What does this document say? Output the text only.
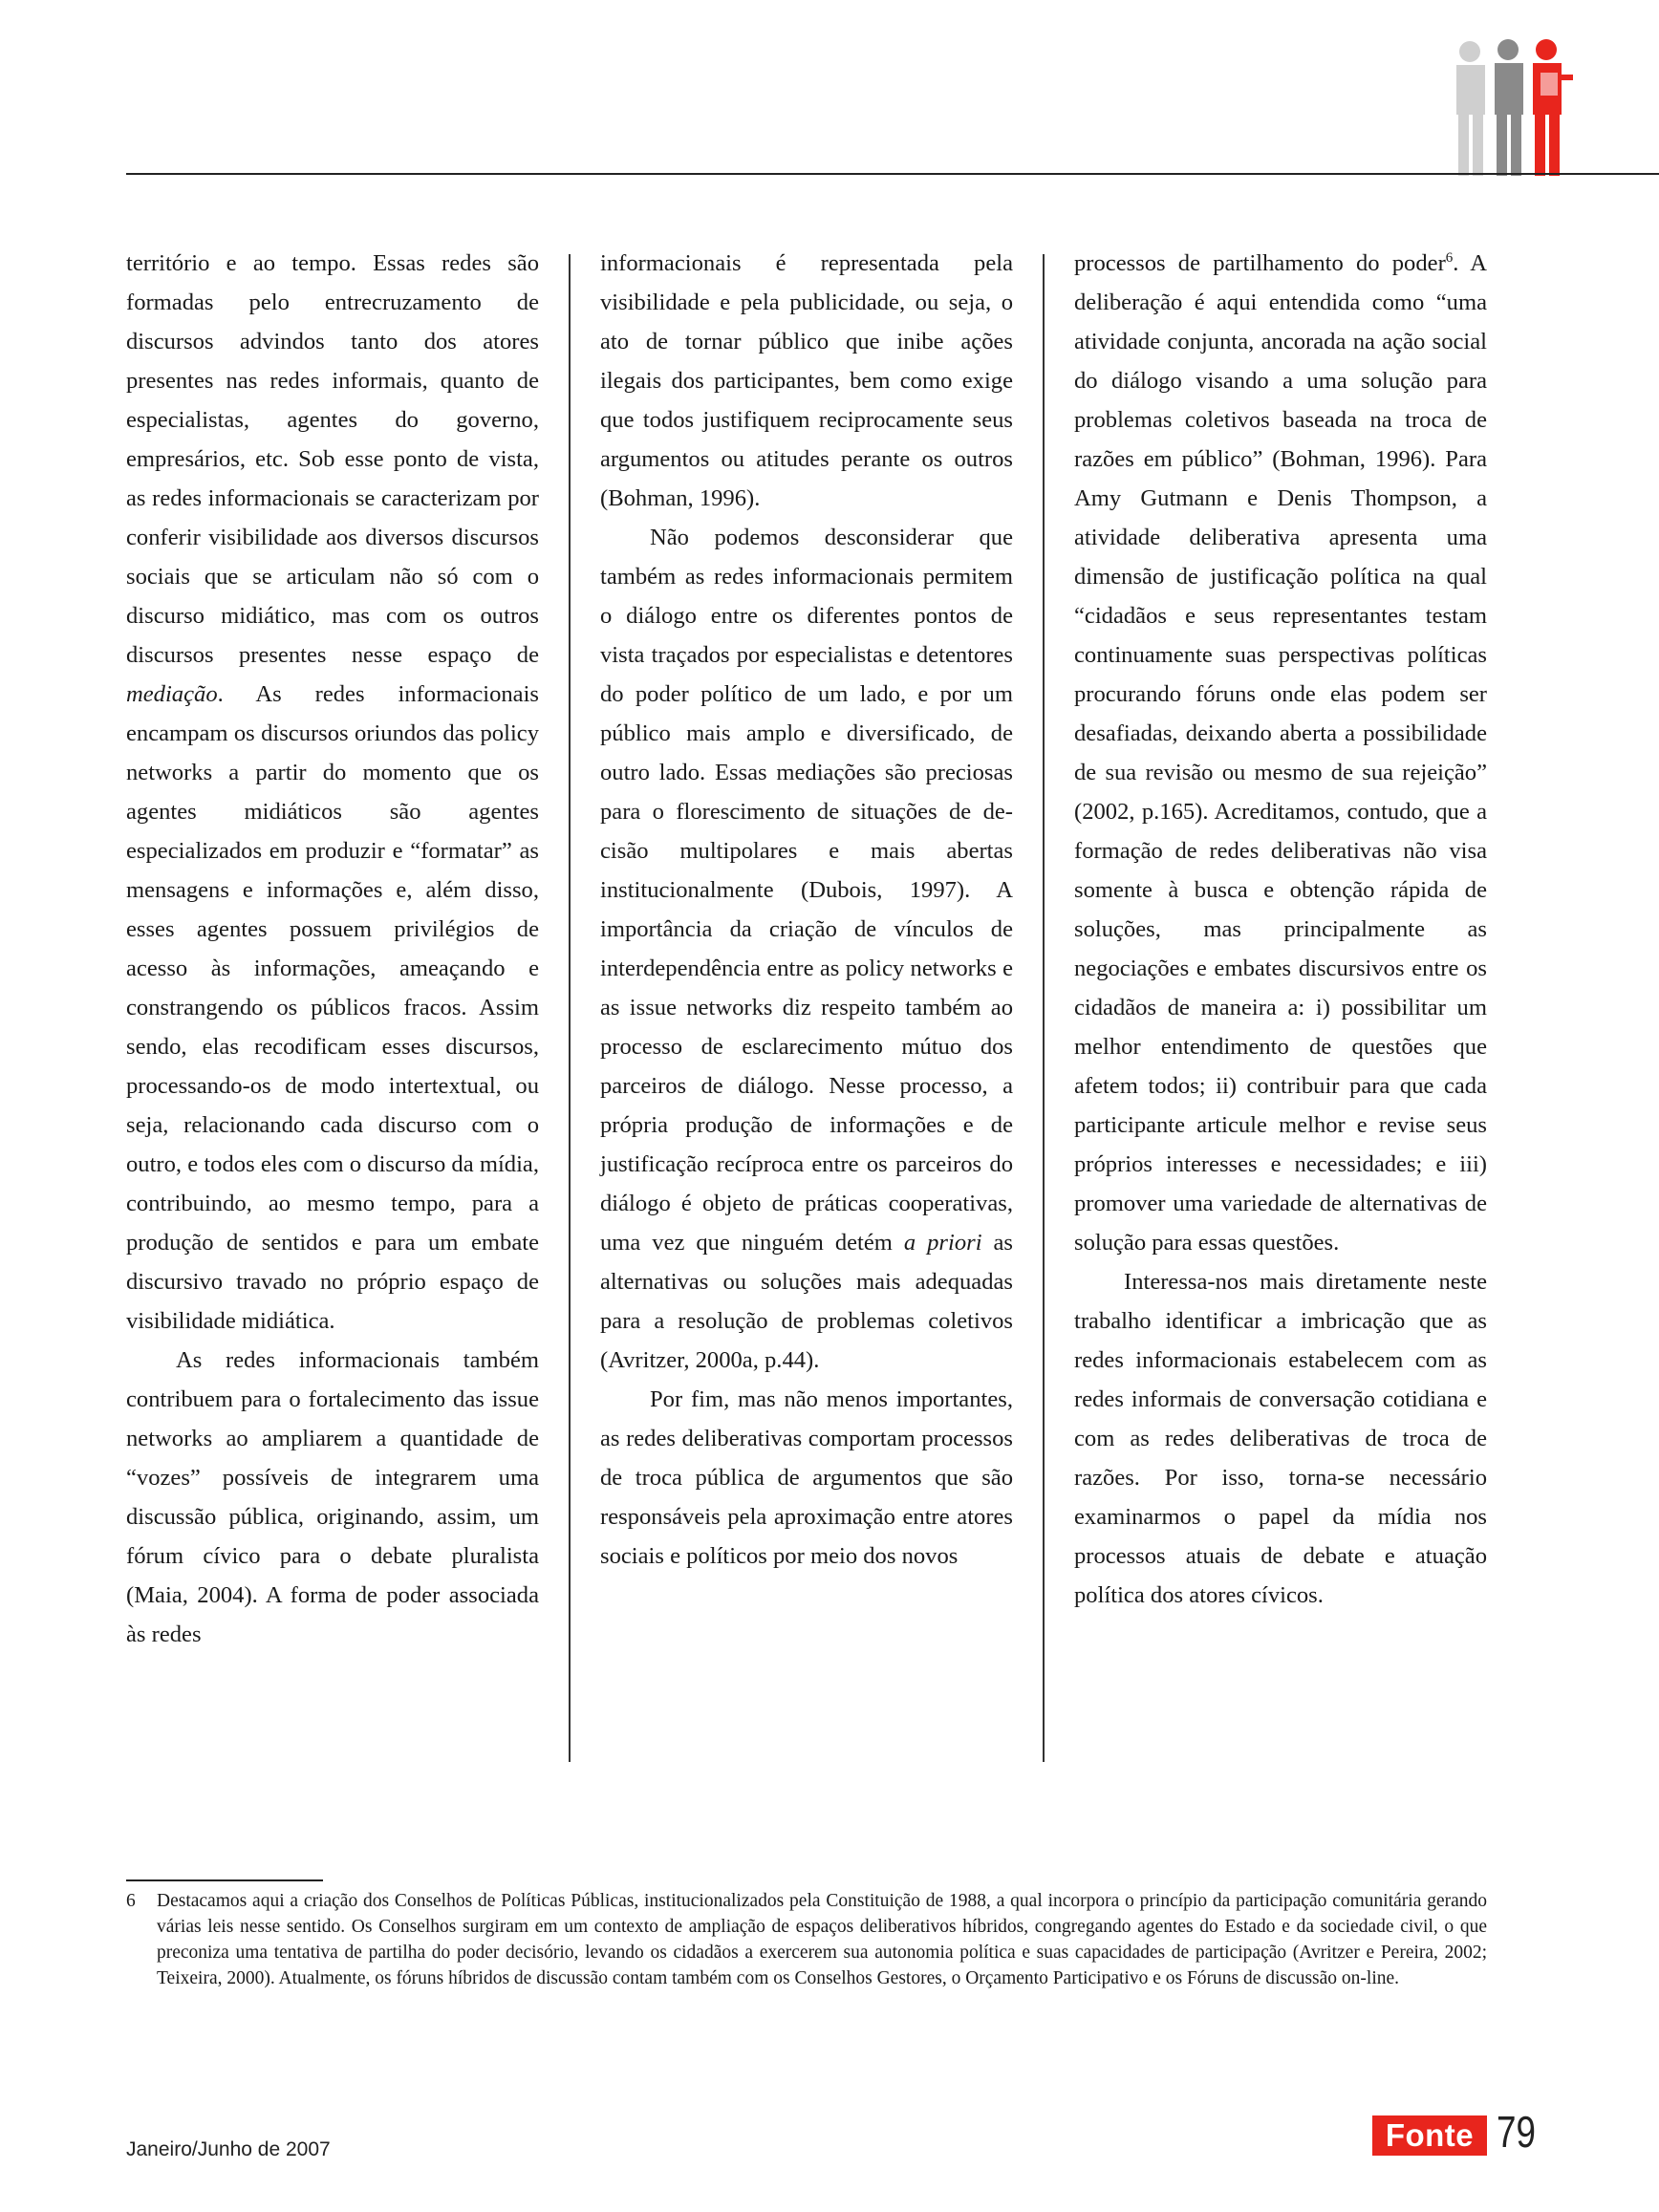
território e ao tempo. Essas redes são formadas pelo entrecruzamento de discursos advindos tanto dos atores presentes nas redes informais, quanto de especialistas, agentes do governo, empresários, etc. Sob esse ponto de vista, as redes informacionais se caracterizam por conferir visibilidade aos diversos discursos sociais que se articulam não só com o discurso midiático, mas com os outros discursos presentes nesse espaço de mediação. As redes informacionais encampam os discursos oriundos das policy networks a partir do momento que os agentes midiáticos são agentes especializados em produzir e “formatar” as mensagens e informações e, além disso, esses agentes possuem privilégios de acesso às informações, ameaçando e constrangendo os públicos fracos. Assim sendo, elas recodificam esses discursos, processando-os de modo intertextual, ou seja, relacionando cada discurso com o outro, e todos eles com o discurso da mídia, contribuindo, ao mesmo tempo, para a produção de sentidos e para um embate discursivo travado no próprio espaço de visibilidade midiática.

As redes informacionais também contribuem para o fortalecimento das issue networks ao ampliarem a quantidade de “vozes” possíveis de integrarem uma discussão pública, originando, assim, um fórum cívico para o debate pluralista (Maia, 2004). A forma de poder associada às redes

informacionais é representada pela visibilidade e pela publicidade, ou seja, o ato de tornar público que inibe ações ilegais dos participantes, bem como exige que todos justifiquem reciprocamente seus argumentos ou atitudes perante os outros (Bohman, 1996).

Não podemos desconsiderar que também as redes informacionais permitem o diálogo entre os diferentes pontos de vista traçados por especialistas e detentores do poder político de um lado, e por um público mais amplo e diversificado, de outro lado. Essas mediações são preciosas para o florescimento de situações de decisão multipolares e mais abertas institucionalmente (Dubois, 1997). A importância da criação de vínculos de interdependência entre as policy networks e as issue networks diz respeito também ao processo de esclarecimento mútuo dos parceiros de diálogo. Nesse processo, a própria produção de informações e de justificação recíproca entre os parceiros do diálogo é objeto de práticas cooperativas, uma vez que ninguém detém a priori as alternativas ou soluções mais adequadas para a resolução de problemas coletivos (Avritzer, 2000a, p.44).

Por fim, mas não menos importantes, as redes deliberativas comportam processos de troca pública de argumentos que são responsáveis pela aproximação entre atores sociais e políticos por meio dos novos

processos de partilhamento do poder$^6$. A deliberação é aqui entendida como “uma atividade conjunta, ancorada na ação social do diálogo visando a uma solução para problemas coletivos baseada na troca de razões em público” (Bohman, 1996). Para Amy Gutmann e Denis Thompson, a atividade deliberativa apresenta uma dimensão de justificação política na qual “cidadãos e seus representantes testam continuamente suas perspectivas políticas procurando fóruns onde elas podem ser desafiadas, deixando aberta a possibilidade de sua revisão ou mesmo de sua rejeição” (2002, p.165). Acreditamos, contudo, que a formação de redes deliberativas não visa somente à busca e obtenção rápida de soluções, mas principalmente as negociações e embates discursivos entre os cidadãos de maneira a: i) possibilitar um melhor entendimento de questões que afetem todos; ii) contribuir para que cada participante articule melhor e revise seus próprios interesses e necessidades; e iii) promover uma variedade de alternativas de solução para essas questões.

Interessa-nos mais diretamente neste trabalho identificar a imbricação que as redes informacionais estabelecem com as redes informais de conversação cotidiana e com as redes deliberativas de troca de razões. Por isso, torna-se necessário examinarmos o papel da mídia nos processos atuais de debate e atuação política dos atores cívicos.

6 Destacamos aqui a criação dos Conselhos de Políticas Públicas, institucionalizados pela Constituição de 1988, a qual incorpora o princípio da participação comunitária gerando várias leis nesse sentido. Os Conselhos surgiram em um contexto de ampliação de espaços deliberativos híbridos, congregando agentes do Estado e da sociedade civil, o que preconiza uma tentativa de partilha do poder decisório, levando os cidadãos a exercerem sua autonomia política e suas capacidades de participação (Avritzer e Pereira, 2002; Teixeira, 2000). Atualmente, os fóruns híbridos de discussão contam também com os Conselhos Gestores, o Orçamento Participativo e os Fóruns de discussão on-line.
Janeiro/Junho de 2007	Fonte 79
